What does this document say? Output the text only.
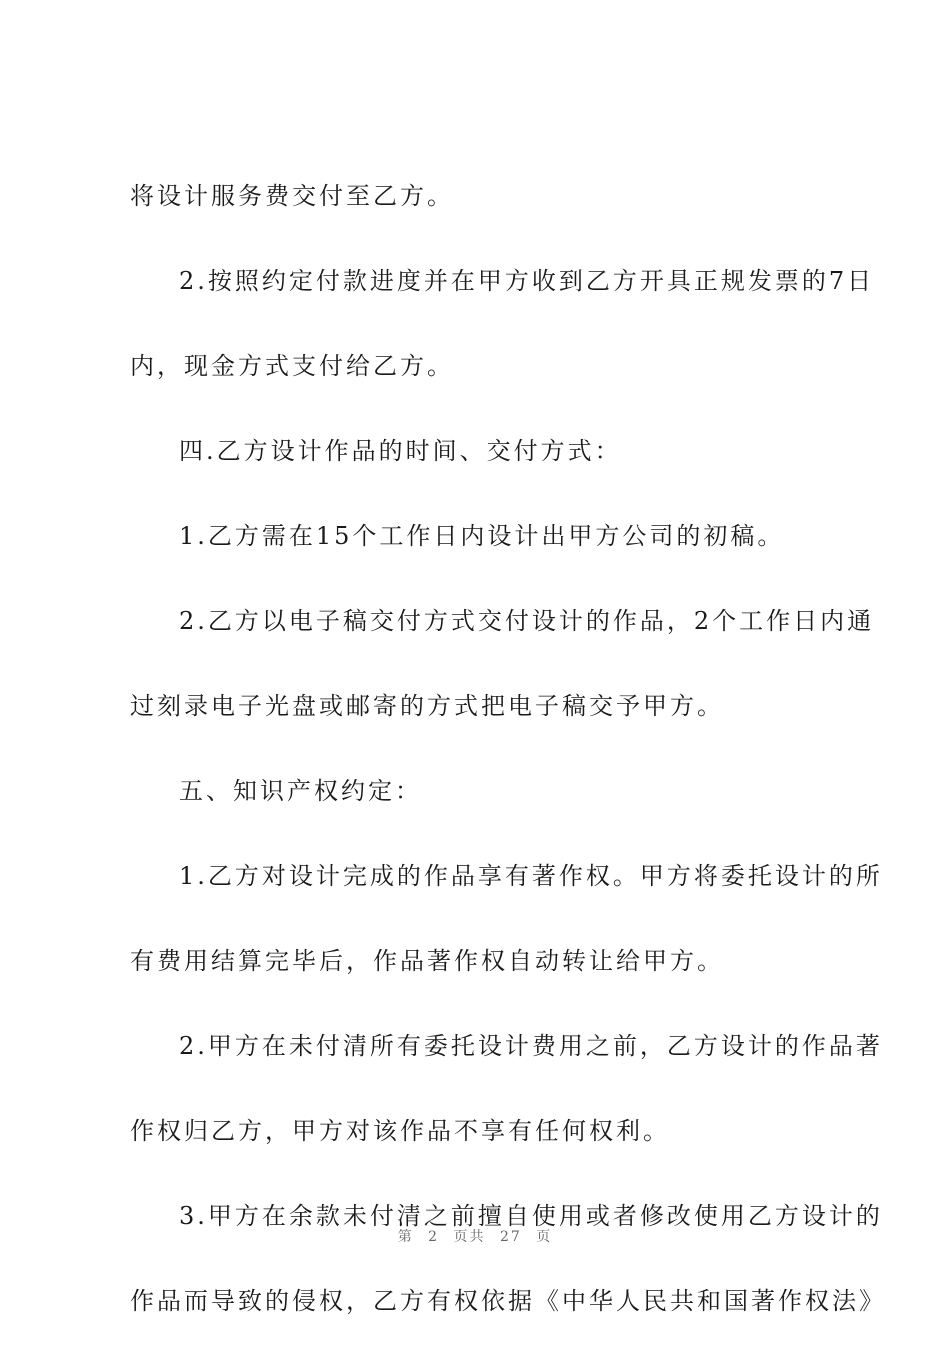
将设计服务费交付至乙方。
2.按照约定付款进度并在甲方收到乙方开具正规发票的7日
内，现金方式支付给乙方。
四.乙方设计作品的时间、交付方式：
1.乙方需在15个工作日内设计出甲方公司的初稿。
2.乙方以电子稿交付方式交付设计的作品，2个工作日内通
过刻录电子光盘或邮寄的方式把电子稿交予甲方。
五、知识产权约定：
1.乙方对设计完成的作品享有著作权。甲方将委托设计的所
有费用结算完毕后，作品著作权自动转让给甲方。
2.甲方在未付清所有委托设计费用之前，乙方设计的作品著
作权归乙方，甲方对该作品不享有任何权利。
3.甲方在余款未付清之前擅自使用或者修改使用乙方设计的
作品而导致的侵权，乙方有权依据《中华人民共和国著作权法》
第 2 页共 27 页
